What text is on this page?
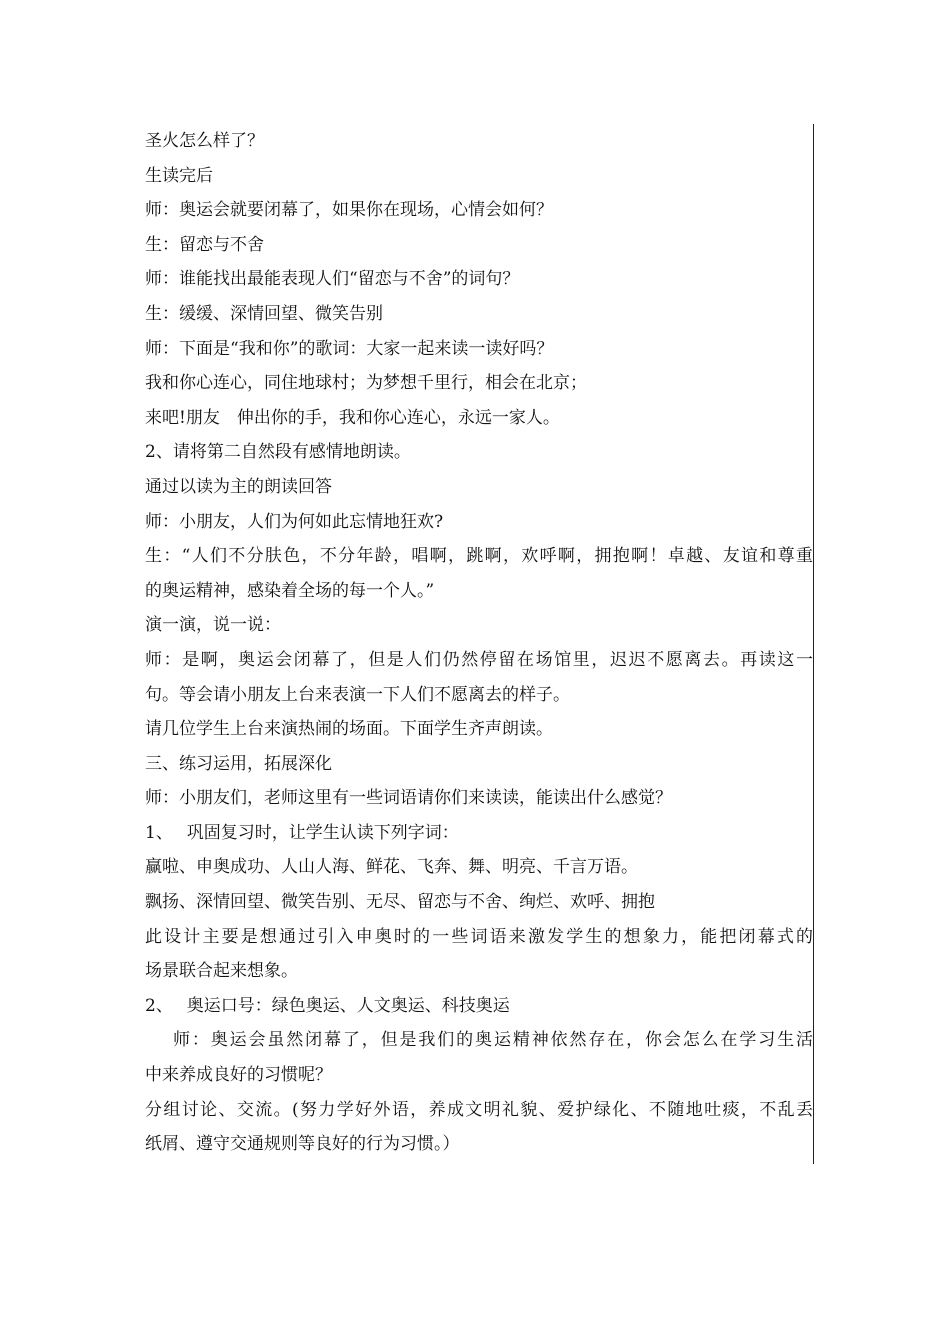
圣火怎么样了？
生读完后
师：奥运会就要闭幕了，如果你在现场，心情会如何？
生：留恋与不舍
师：谁能找出最能表现人们“留恋与不舍”的词句？
生：缓缓、深情回望、微笑告别
师：下面是“我和你”的歌词：大家一起来读一读好吗？
我和你心连心，同住地球村；为梦想千里行，相会在北京；
来吧!朋友　伸出你的手，我和你心连心，永远一家人。
2、请将第二自然段有感情地朗读。
通过以读为主的朗读回答
师：小朋友，人们为何如此忘情地狂欢?
生：“人们不分肤色，不分年龄，唱啊，跳啊，欢呼啊，拥抱啊！卓越、友谊和尊重
的奥运精神，感染着全场的每一个人。”
演一演，说一说：
师：是啊，奥运会闭幕了，但是人们仍然停留在场馆里，迟迟不愿离去。再读这一
句。等会请小朋友上台来表演一下人们不愿离去的样子。
请几位学生上台来演热闹的场面。下面学生齐声朗读。
三、练习运用，拓展深化
师：小朋友们，老师这里有一些词语请你们来读读，能读出什么感觉？
1、　 巩固复习时，让学生认读下列字词：
赢啦、申奥成功、人山人海、鲜花、飞奔、舞、明亮、千言万语。
飘扬、深情回望、微笑告别、无尽、留恋与不舍、绚烂、欢呼、拥抱
此设计主要是想通过引入申奥时的一些词语来激发学生的想象力，能把闭幕式的
场景联合起来想象。
2、　 奥运口号：绿色奥运、人文奥运、科技奥运
师：奥运会虽然闭幕了，但是我们的奥运精神依然存在，你会怎么在学习生活
中来养成良好的习惯呢？
分组讨论、交流。(努力学好外语，养成文明礼貌、爱护绿化、不随地吐痰，不乱丢
纸屑、遵守交通规则等良好的行为习惯。）
